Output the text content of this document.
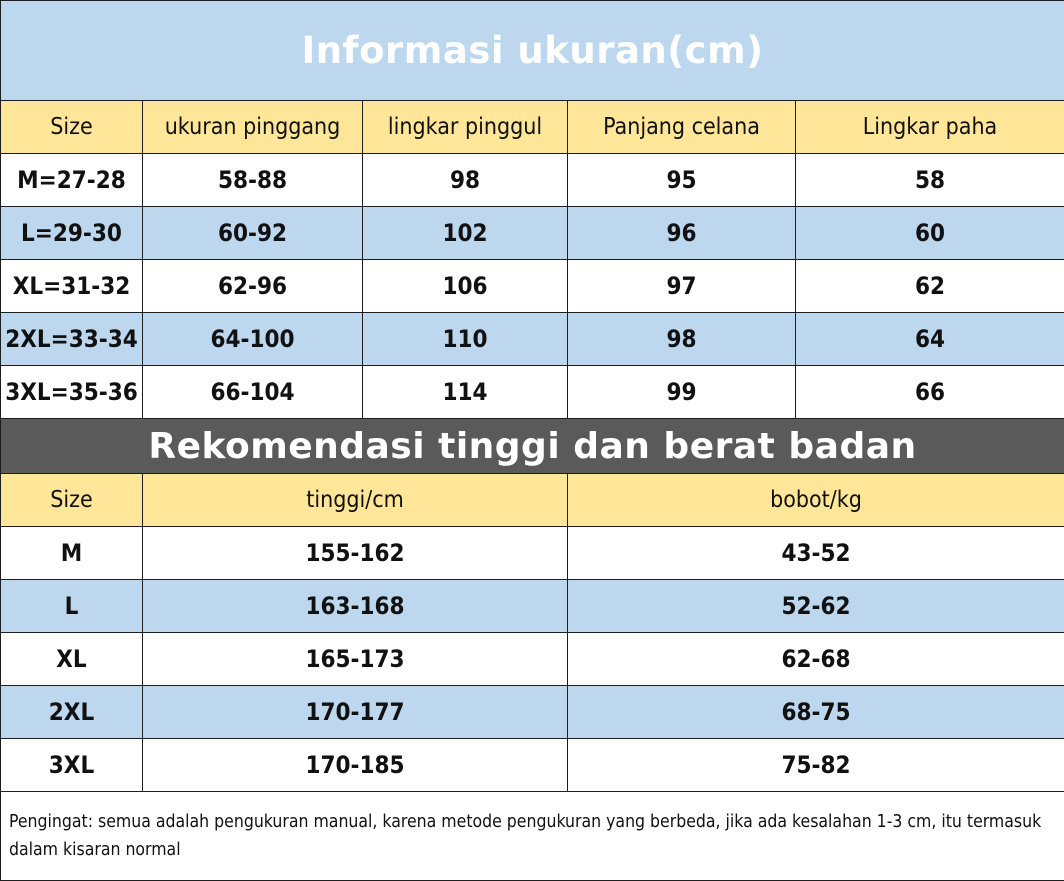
Informasi ukuran(cm)				
Size	ukuran pinggang	lingkar pinggul	Panjang celana	Lingkar paha
M=27-28	58-88	98	95	58
L=29-30	60-92	102	96	60
XL=31-32	62-96	106	97	62
2XL=33-34	64-100	110	98	64
3XL=35-36	66-104	114	99	66
Rekomendasi tinggi dan berat badan				
Size	tinggi/cm		bobot/kg	
M	155-162		43-52	
L	163-168		52-62	
XL	165-173		62-68	
2XL	170-177		68-75	
3XL	170-185		75-82	
Pengingat: semua adalah pengukuran manual, karena metode pengukuran yang berbeda, jika ada kesalahan 1-3 cm, itu termasuk dalam kisaran normal				
